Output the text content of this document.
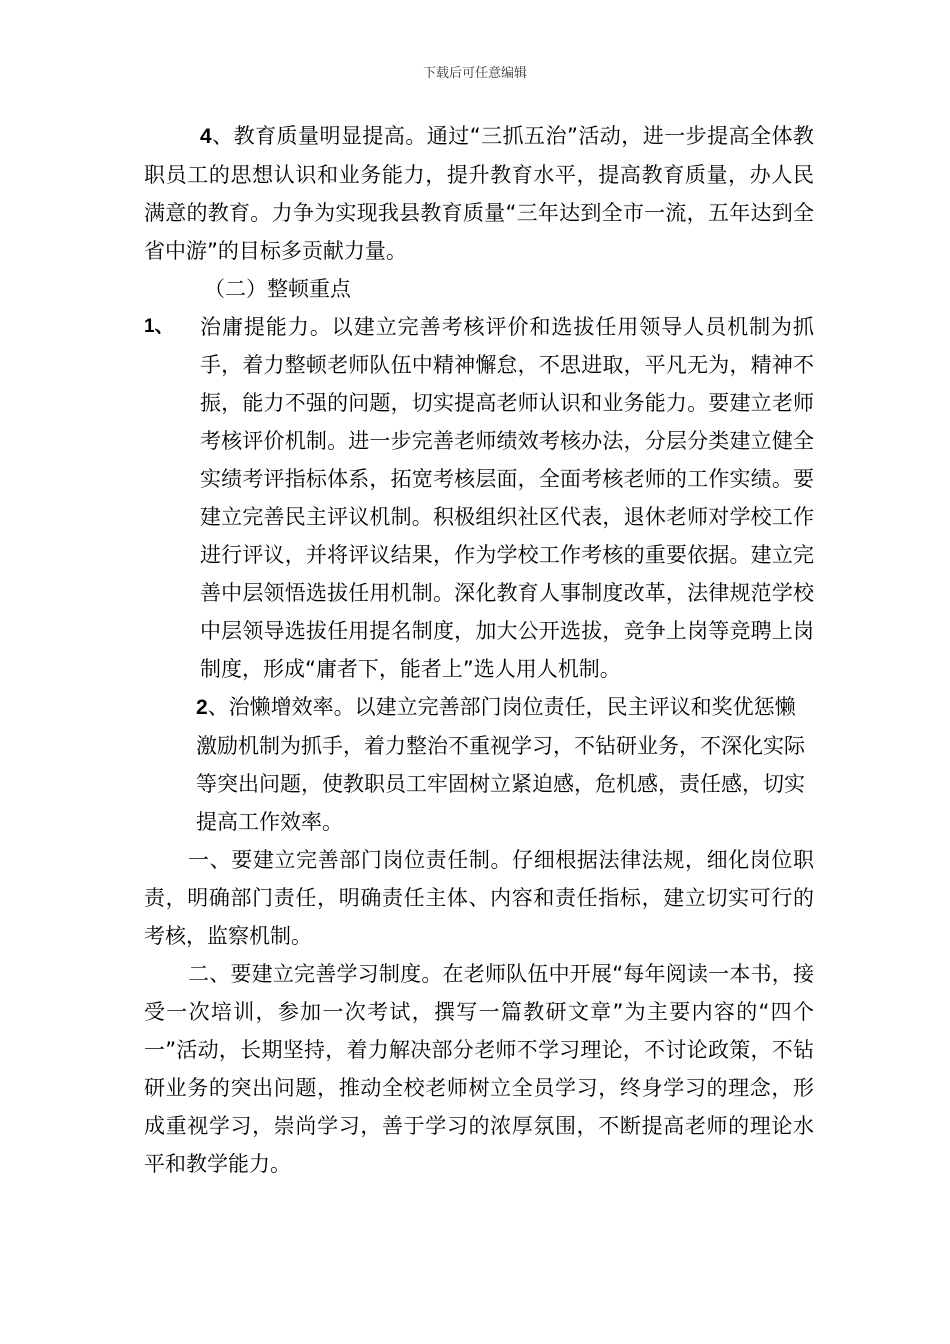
下载后可任意编辑

4、教育质量明显提高。通过“三抓五治”活动，进一步提高全体教职员工的思想认识和业务能力，提升教育水平，提高教育质量，办人民满意的教育。力争为实现我县教育质量“三年达到全市一流，五年达到全省中游”的目标多贡献力量。

（二）整顿重点

1、 治庸提能力。以建立完善考核评价和选拔任用领导人员机制为抓手，着力整顿老师队伍中精神懈怠，不思进取，平凡无为，精神不振，能力不强的问题，切实提高老师认识和业务能力。要建立老师考核评价机制。进一步完善老师绩效考核办法，分层分类建立健全实绩考评指标体系，拓宽考核层面，全面考核老师的工作实绩。要建立完善民主评议机制。积极组织社区代表，退休老师对学校工作进行评议，并将评议结果，作为学校工作考核的重要依据。建立完善中层领悟选拔任用机制。深化教育人事制度改革，法律规范学校中层领导选拔任用提名制度，加大公开选拔，竞争上岗等竞聘上岗制度，形成“庸者下，能者上”选人用人机制。
2、治懒增效率。以建立完善部门岗位责任，民主评议和奖优惩懒激励机制为抓手，着力整治不重视学习，不钻研业务，不深化实际等突出问题，使教职员工牢固树立紧迫感，危机感，责任感，切实提高工作效率。

一、要建立完善部门岗位责任制。仔细根据法律法规，细化岗位职责，明确部门责任，明确责任主体、内容和责任指标，建立切实可行的考核，监察机制。

二、要建立完善学习制度。在老师队伍中开展“每年阅读一本书，接受一次培训，参加一次考试，撰写一篇教研文章”为主要内容的“四个一”活动，长期坚持，着力解决部分老师不学习理论，不讨论政策，不钻研业务的突出问题，推动全校老师树立全员学习，终身学习的理念，形成重视学习，崇尚学习，善于学习的浓厚氛围，不断提高老师的理论水平和教学能力。
